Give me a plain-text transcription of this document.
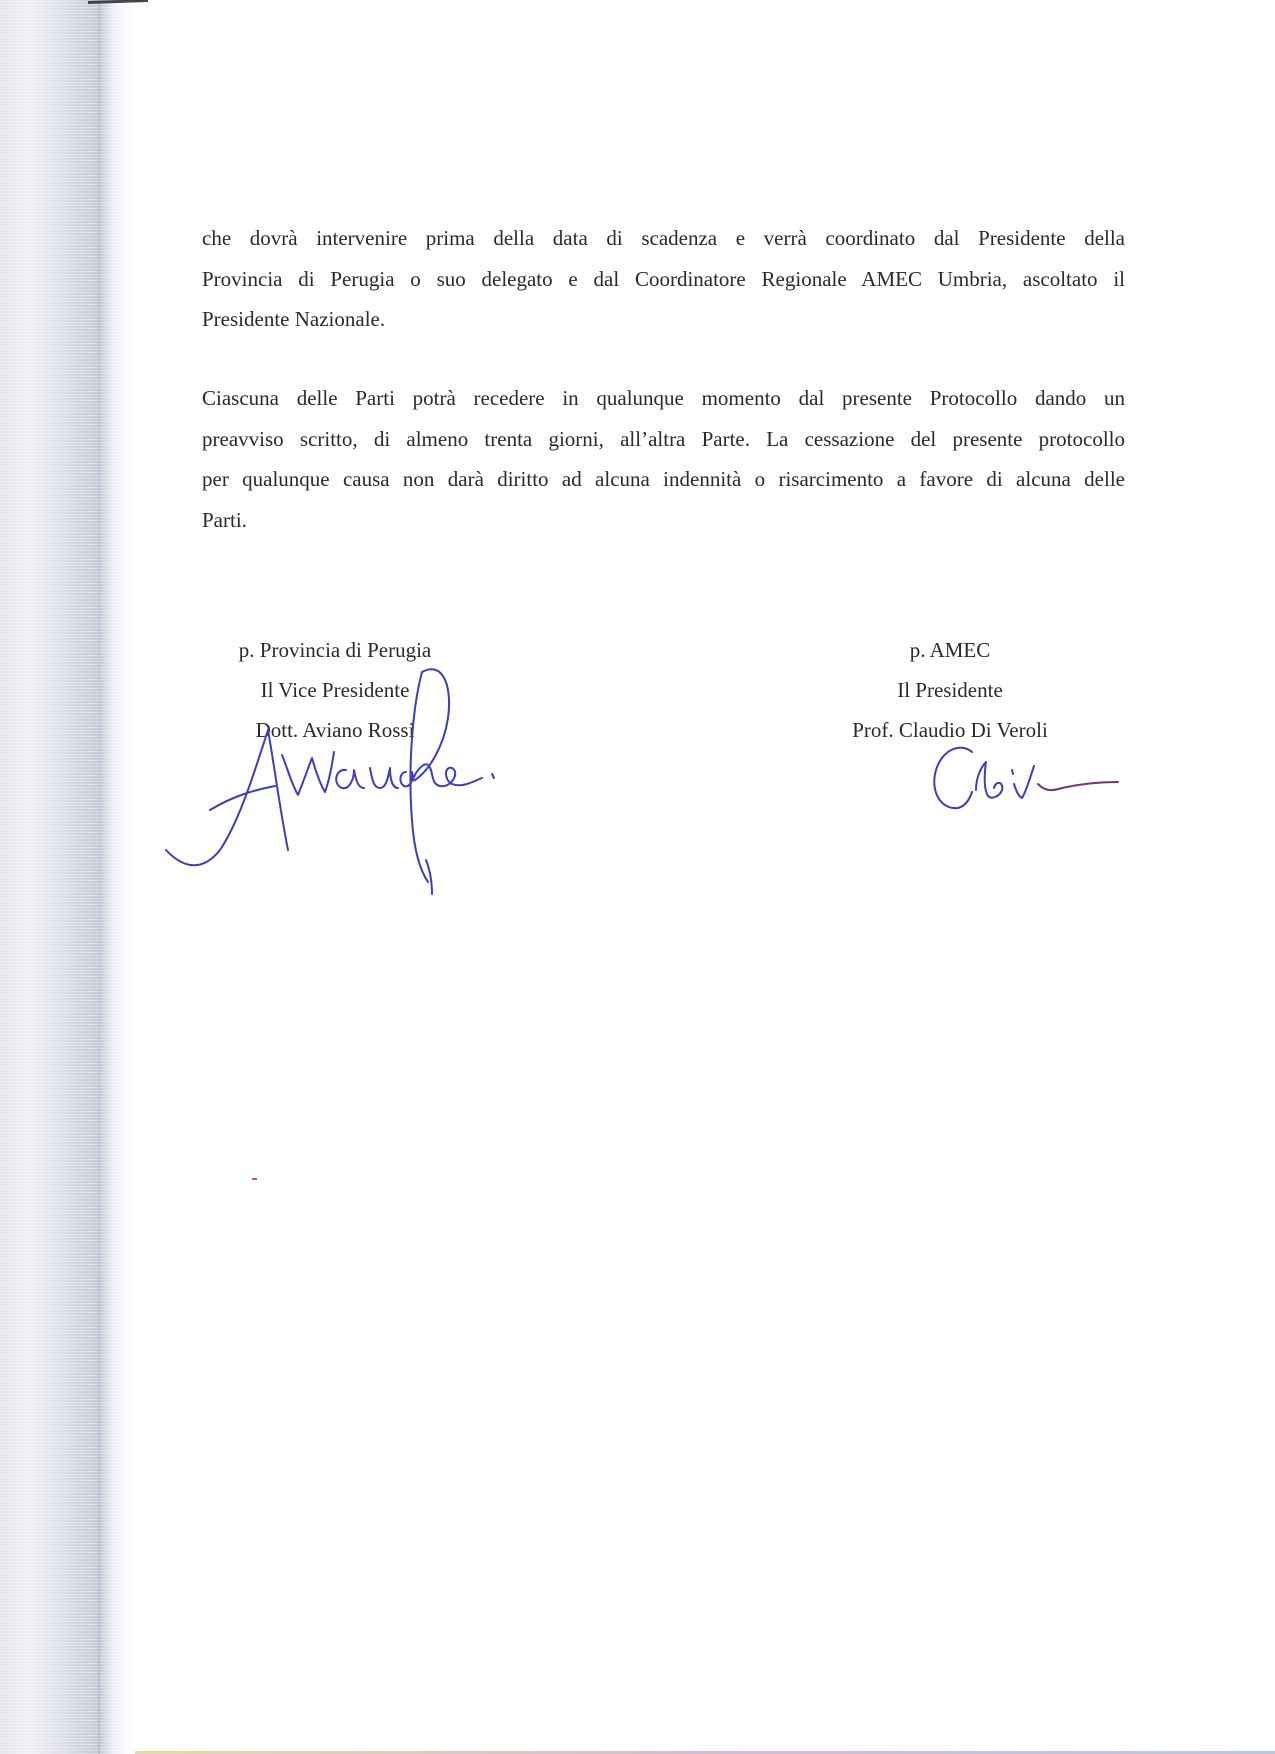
che dovrà intervenire prima della data di scadenza e verrà coordinato dal Presidente della
Provincia di Perugia o suo delegato e dal Coordinatore Regionale AMEC Umbria, ascoltato il
Presidente Nazionale.
Ciascuna delle Parti potrà recedere in qualunque momento dal presente Protocollo dando un
preavviso scritto, di almeno trenta giorni, all’altra Parte. La cessazione del presente protocollo
per qualunque causa non darà diritto ad alcuna indennità o risarcimento a favore di alcuna delle
Parti.
p. Provincia di Perugia
Il Vice Presidente
Dott. Aviano Rossi
p. AMEC
Il Presidente
Prof. Claudio Di Veroli
